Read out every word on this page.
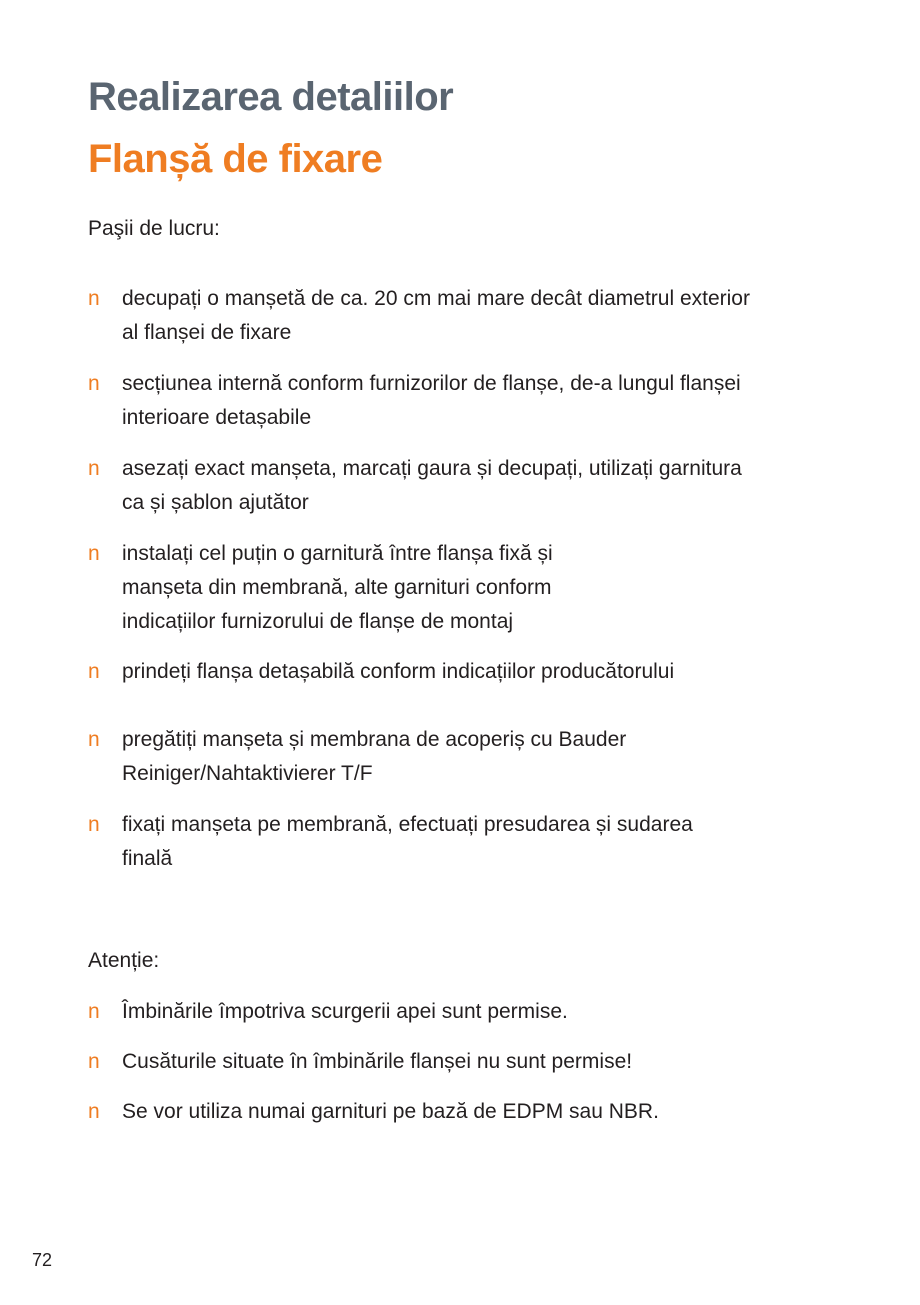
Realizarea detaliilor
Flanșă de fixare
Paşii de lucru:
n decupați o manșetă de ca. 20 cm mai mare decât diametrul exterior al flanșei de fixare
n secțiunea internă conform furnizorilor de flanșe, de-a lungul flanșei interioare detașabile
n asezați exact manșeta, marcați gaura și decupați, utilizați garnitura ca și șablon ajutător
n instalați cel puțin o garnitură între flanșa fixă și manșeta din membrană, alte garnituri conform indicațiilor furnizorului de flanșe de montaj
n prindeți flanșa detașabilă conform indicațiilor producătorului
n pregătiți manșeta și membrana de acoperiș cu Bauder Reiniger/Nahtaktivierer T/F
n fixați manșeta pe membrană, efectuați presudarea și sudarea finală
Atenție:
n Îmbinările împotriva scurgerii apei sunt permise.
n Cusăturile situate în îmbinările flanșei nu sunt permise!
n Se vor utiliza numai garnituri pe bază de EDPM sau NBR.
72
